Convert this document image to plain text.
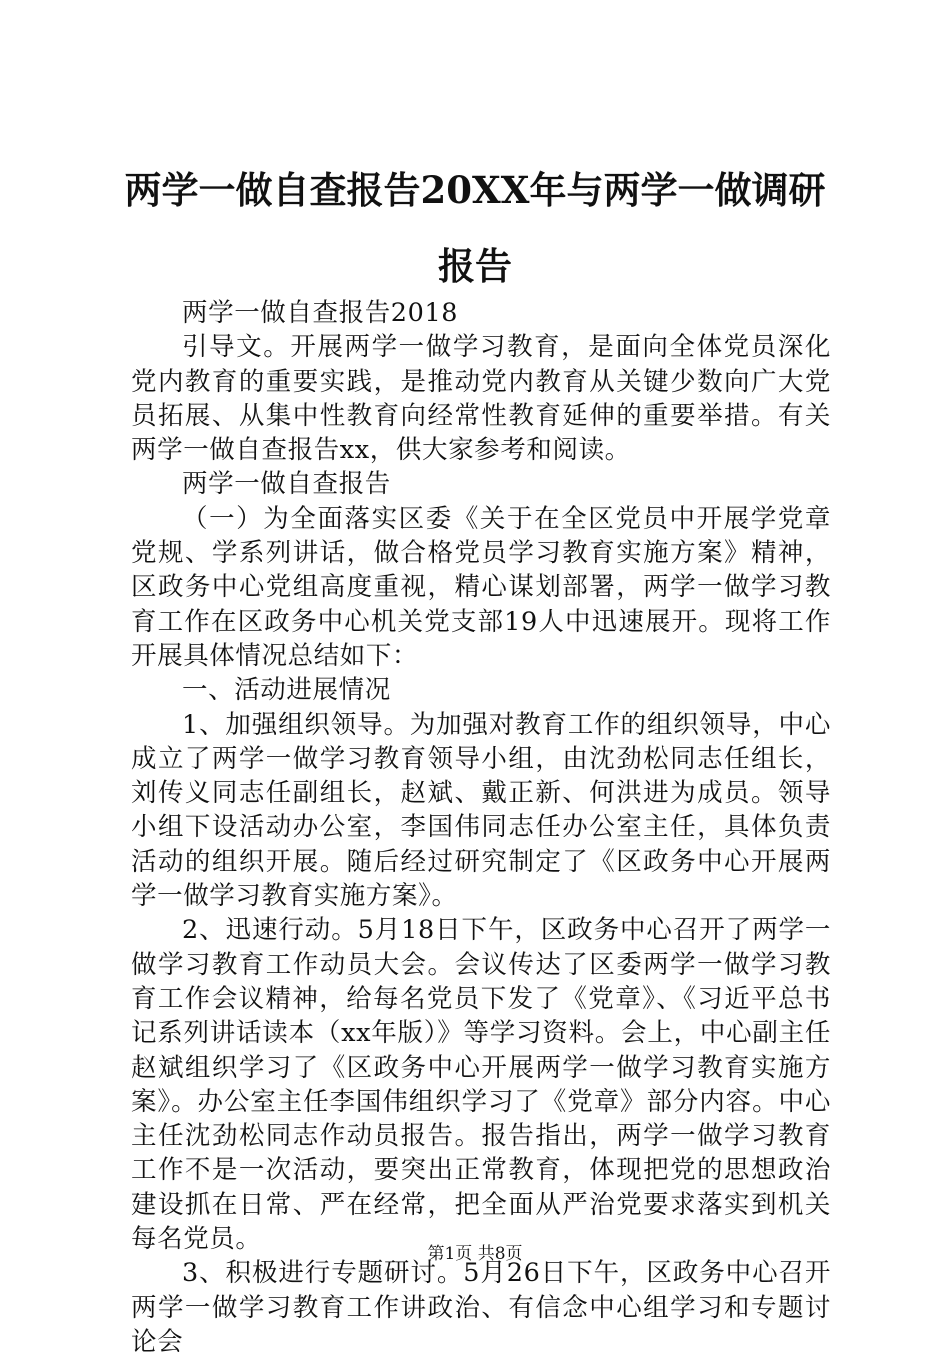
两学一做自查报告20XX年与两学一做调研报告

两学一做自查报告2018

引导文。开展两学一做学习教育，是面向全体党员深化党内教育的重要实践，是推动党内教育从关键少数向广大党员拓展、从集中性教育向经常性教育延伸的重要举措。有关两学一做自查报告xx，供大家参考和阅读。

两学一做自查报告

（一）为全面落实区委《关于在全区党员中开展学党章党规、学系列讲话，做合格党员学习教育实施方案》精神，区政务中心党组高度重视，精心谋划部署，两学一做学习教育工作在区政务中心机关党支部19人中迅速展开。现将工作开展具体情况总结如下：

一、活动进展情况

1、加强组织领导。为加强对教育工作的组织领导，中心成立了两学一做学习教育领导小组，由沈劲松同志任组长，刘传义同志任副组长，赵斌、戴正新、何洪进为成员。领导小组下设活动办公室，李国伟同志任办公室主任，具体负责活动的组织开展。随后经过研究制定了《区政务中心开展两学一做学习教育实施方案》。

2、迅速行动。5月18日下午，区政务中心召开了两学一做学习教育工作动员大会。会议传达了区委两学一做学习教育工作会议精神，给每名党员下发了《党章》、《习近平总书记系列讲话读本（xx年版）》等学习资料。会上，中心副主任赵斌组织学习了《区政务中心开展两学一做学习教育实施方案》。办公室主任李国伟组织学习了《党章》部分内容。中心主任沈劲松同志作动员报告。报告指出，两学一做学习教育工作不是一次活动，要突出正常教育，体现把党的思想政治建设抓在日常、严在经常，把全面从严治党要求落实到机关每名党员。

3、积极进行专题研讨。5月26日下午，区政务中心召开两学一做学习教育工作讲政治、有信念中心组学习和专题讨论会

第1页 共8页
